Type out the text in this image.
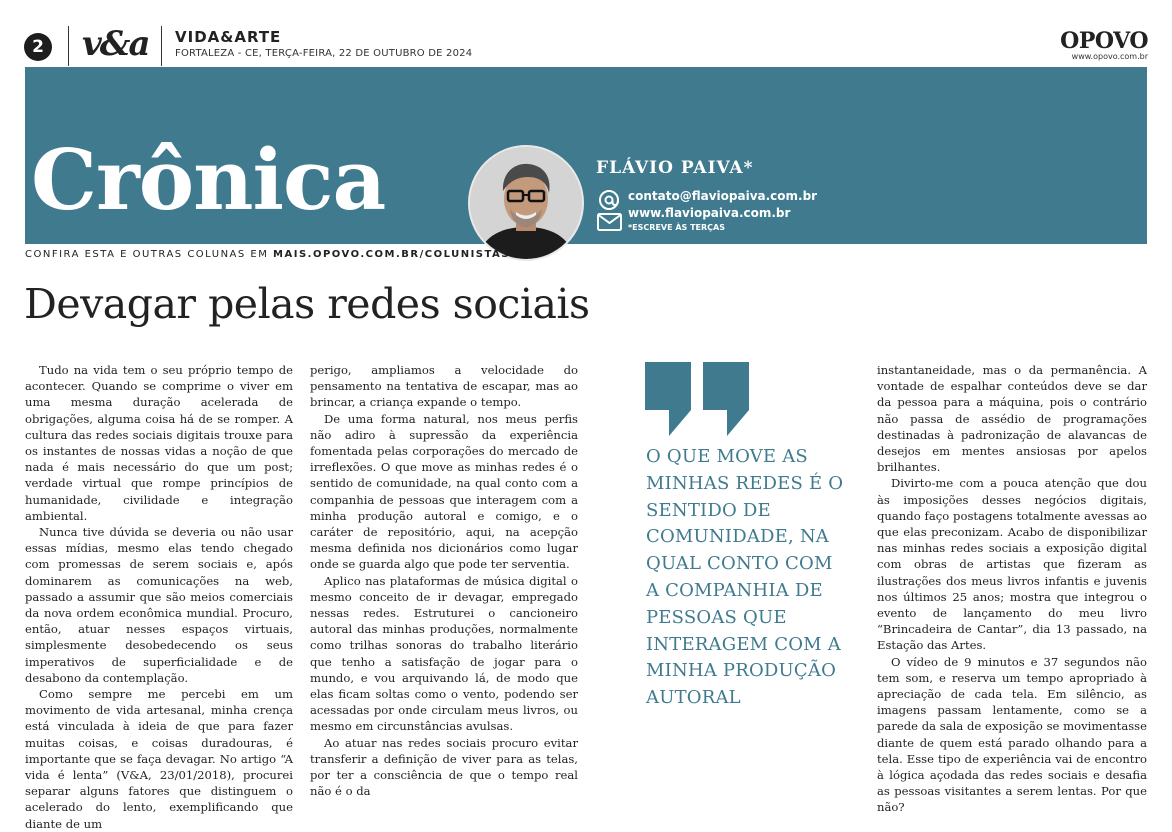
2 v&a VIDA&ARTE
FORTALEZA - CE, TERÇA-FEIRA, 22 DE OUTUBRO DE 2024	OPOVO
www.opovo.com.br
Crônica	FLÁVIO PAIVA*
contato@flaviopaiva.com.br
www.flaviopaiva.com.br
*ESCREVE ÀS TERÇAS
CONFIRA ESTA E OUTRAS COLUNAS EM MAIS.OPOVO.COM.BR/COLUNISTAS
Devagar pelas redes sociais

Tudo na vida tem o seu próprio tempo de acontecer. Quando se comprime o viver em uma mesma duração acelerada de obrigações, alguma coisa há de se romper. A cultura das redes sociais digitais trouxe para os instantes de nossas vidas a noção de que nada é mais necessário do que um post; verdade virtual que rompe princípios de humanidade, civilidade e integração ambiental.

Nunca tive dúvida se deveria ou não usar essas mídias, mesmo elas tendo chegado com promessas de serem sociais e, após dominarem as comunicações na web, passado a assumir que são meios comerciais da nova ordem econômica mundial. Procuro, então, atuar nesses espaços virtuais, simplesmente desobedecendo os seus imperativos de superficialidade e de desabono da contemplação.

Como sempre me percebi em um movimento de vida artesanal, minha crença está vinculada à ideia de que para fazer muitas coisas, e coisas duradouras, é importante que se faça devagar. No artigo “A vida é lenta” (V&A, 23/01/2018), procurei separar alguns fatores que distinguem o acelerado do lento, exemplificando que diante de um

perigo, ampliamos a velocidade do pensamento na tentativa de escapar, mas ao brincar, a criança expande o tempo.

De uma forma natural, nos meus perfis não adiro à supressão da experiência fomentada pelas corporações do mercado de irreflexões. O que move as minhas redes é o sentido de comunidade, na qual conto com a companhia de pessoas que interagem com a minha produção autoral e comigo, e o caráter de repositório, aqui, na acepção mesma definida nos dicionários como lugar onde se guarda algo que pode ter serventia.

Aplico nas plataformas de música digital o mesmo conceito de ir devagar, empregado nessas redes. Estruturei o cancioneiro autoral das minhas produções, normalmente como trilhas sonoras do trabalho literário que tenho a satisfação de jogar para o mundo, e vou arquivando lá, de modo que elas ficam soltas como o vento, podendo ser acessadas por onde circulam meus livros, ou mesmo em circunstâncias avulsas.

Ao atuar nas redes sociais procuro evitar transferir a definição de viver para as telas, por ter a consciência de que o tempo real não é o da

O QUE MOVE AS MINHAS REDES É O SENTIDO DE COMUNIDADE, NA QUAL CONTO COM A COMPANHIA DE PESSOAS QUE INTERAGEM COM A MINHA PRODUÇÃO AUTORAL

instantaneidade, mas o da permanência. A vontade de espalhar conteúdos deve se dar da pessoa para a máquina, pois o contrário não passa de assédio de programações destinadas à padronização de alavancas de desejos em mentes ansiosas por apelos brilhantes.

Divirto-me com a pouca atenção que dou às imposições desses negócios digitais, quando faço postagens totalmente avessas ao que elas preconizam. Acabo de disponibilizar nas minhas redes sociais a exposição digital com obras de artistas que fizeram as ilustrações dos meus livros infantis e juvenis nos últimos 25 anos; mostra que integrou o evento de lançamento do meu livro “Brincadeira de Cantar”, dia 13 passado, na Estação das Artes.

O vídeo de 9 minutos e 37 segundos não tem som, e reserva um tempo apropriado à apreciação de cada tela. Em silêncio, as imagens passam lentamente, como se a parede da sala de exposição se movimentasse diante de quem está parado olhando para a tela. Esse tipo de experiência vai de encontro à lógica açodada das redes sociais e desafia as pessoas visitantes a serem lentas. Por que não?
